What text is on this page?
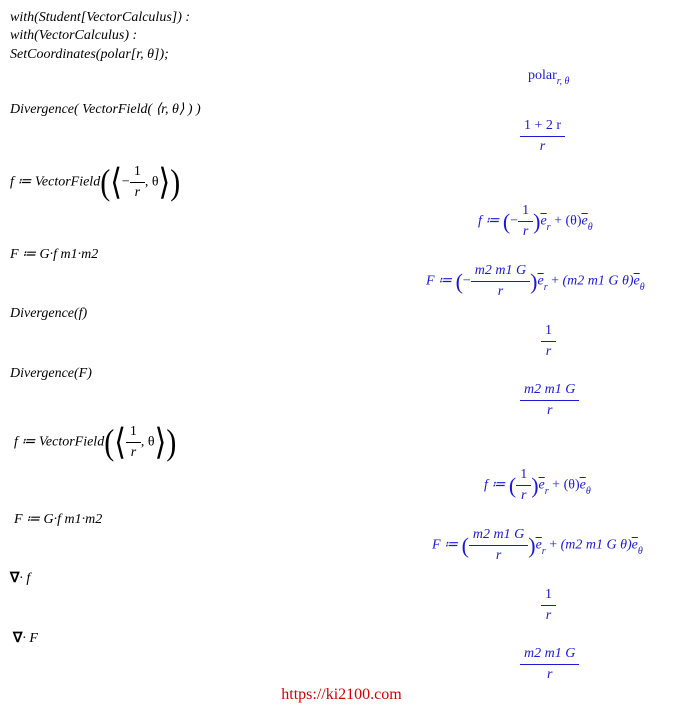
with(Student[VectorCalculus]) :
with(VectorCalculus) :
SetCoordinates(polar[r, θ]);
polar$_{r, \theta}$
Divergence( VectorField( ⟨r, θ⟩ ) )
$\frac{1 + 2 r}{r}$
f ≔ VectorField(⟨− $\frac{1}{r}$ , θ⟩)
f ≔ (− $\frac{1}{r} )\overline{e}_r + (\theta)\overline{e}_\theta$
F ≔ G·f m1·m2
F ≔ (− $\frac{m2 m1 G}{r} )\overline{e}_r + (m2$ m1 G $\theta)\overline{e}_\theta$
Divergence(f)
$\frac{1}{r}$
Divergence(F)
$\frac{m2 m1 G}{r}$
f ≔ VectorField(⟨ $\frac{1}{r}$ , θ⟩)
f ≔ ( $\frac{1}{r} )\overline{e}_r + (\theta)\overline{e}_\theta$
F ≔ G·f m1·m2
F ≔ ( $\frac{m2 m1 G}{r} )\overline{e}_r + (m2$ m1 G $\theta)\overline{e}_\theta$
∇· f
$\frac{1}{r}$
∇· F
$\frac{m2 m1 G}{r}$
https://ki2100.com
